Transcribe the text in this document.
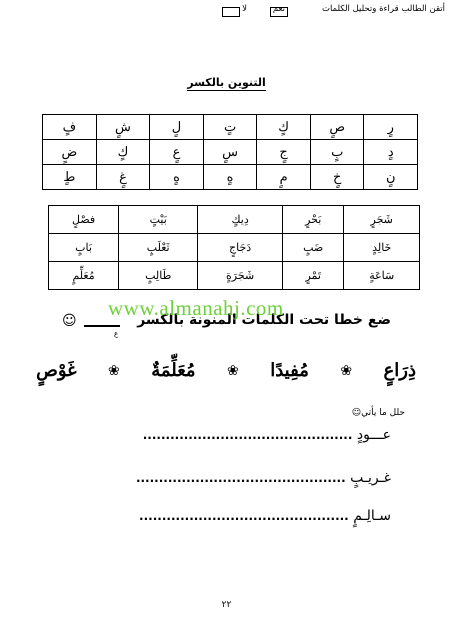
أتقن الطالب قراءة وتحليل الكلمات
نعم
لا
التنوين بالكسر
رٍ	صٍ	كٍ	تٍ	لٍ	شٍ	فٍ
دٍ	بٍ	جٍ	سٍ	عٍ	كٍ	ضٍ
نٍ	خٍ	مٍ	هٍ	هٍ	غٍ	طٍ
شَجَرٍ	بَحْرٍ	دِيكٍ	بَيْتٍ	فصْلٍ
خَالِدٍ	ضَبٍ	دَجَاجٍ	ثَعْلَبٍ	بَابٍ
سَاعَةٍ	تَمْرٍ	شَجَرَةٍ	طَالِبٍ	مُعَلِّمٍ
ضع خطا تحت الكلمات المنونة بالكسر
ع
☺
www.almanahj.com
ذِرَاعٍ
❀
مُفِيدًا
❀
مُعَلِّمَةٌ
❀
غَوْصٍ
حلل ما يأتي☺
عـــودٍ ..............................................
غـريـبٍ ..............................................
سـالِـمٍ ..............................................
٢٢
